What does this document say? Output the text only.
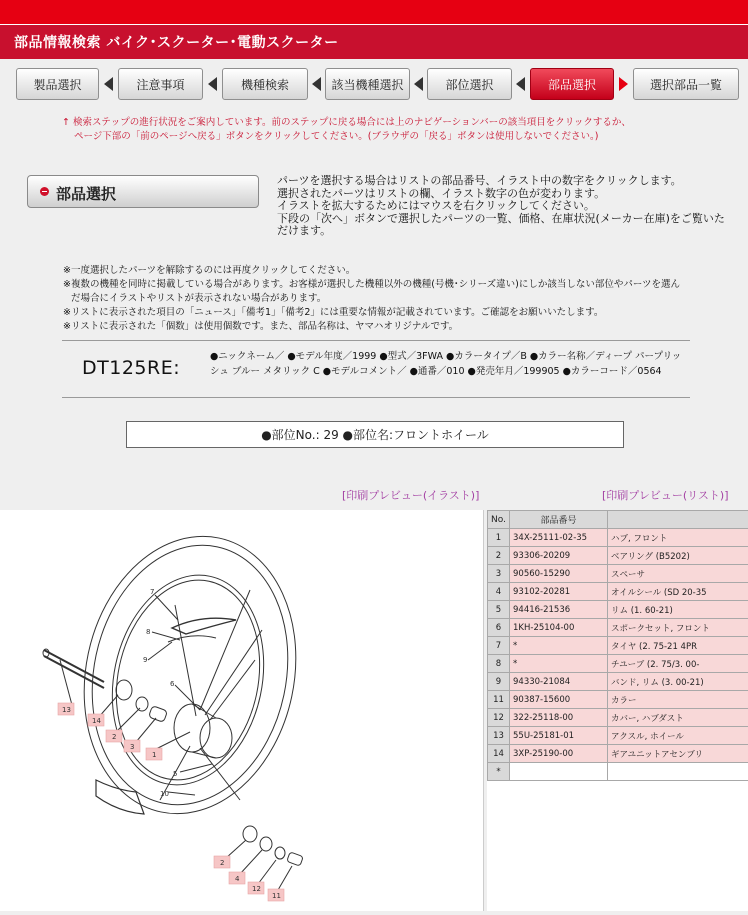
部品情報検索 バイク･スクーター･電動スクーター
製品選択	注意事項	機種検索	該当機種選択	部位選択	部品選択	選択部品一覧
↑ 検索ステップの進行状況をご案内しています。前のステップに戻る場合には上のナビゲーションバーの該当項目をクリックするか、
ページ下部の「前のページへ戻る」ボタンをクリックしてください。(ブラウザの「戻る」ボタンは使用しないでください。)
部品選択
パーツを選択する場合はリストの部品番号、イラスト中の数字をクリックします。
選択されたパーツはリストの欄、イラスト数字の色が変わります。
イラストを拡大するためにはマウスを右クリックしてください。
下段の「次へ」ボタンで選択したパーツの一覧、価格、在庫状況(メーカー在庫)をご覧いただけます。
※一度選択したパーツを解除するのには再度クリックしてください。
※複数の機種を同時に掲載している場合があります。お客様が選択した機種以外の機種(号機･シリーズ違い)にしか該当しない部位やパーツを選ん
だ場合にイラストやリストが表示されない場合があります。
※リストに表示された項目の「ニュース」「備考1」「備考2」には重要な情報が記載されています。ご確認をお願いいたします。
※リストに表示された「個数」は使用個数です。また、部品名称は、ヤマハオリジナルです。
DT125RE:
●ニックネーム／ ●モデル年度／1999 ●型式／3FWA ●カラータイプ／B ●カラー名称／ディープ パープリッシュ ブルー メタリック C ●モデルコメント／ ●通番／010 ●発売年月／199905 ●カラーコード／0564
●部位No.: 29 ●部位名:フロントホイール
[印刷プレビュー(イラスト)]	[印刷プレビュー(リスト)]
7
8
9
6
5
10
13
14
2
3
1
2
4
12
11
No.	部品番号	
1	34X-25111-02-35	ハブ, フロント
2	93306-20209	ベアリング (B5202)
3	90560-15290	スペーサ
4	93102-20281	オイルシール (SD 20-35
5	94416-21536	リム (1. 60-21)
6	1KH-25104-00	スポークセット, フロント
7	*	タイヤ (2. 75-21 4PR
8	*	チユーブ (2. 75/3. 00-
9	94330-21084	バンド, リム (3. 00-21)
11	90387-15600	カラー
12	322-25118-00	カバー, ハブダスト
13	55U-25181-01	アクスル, ホイール
14	3XP-25190-00	ギアユニットアセンブリ
*		
